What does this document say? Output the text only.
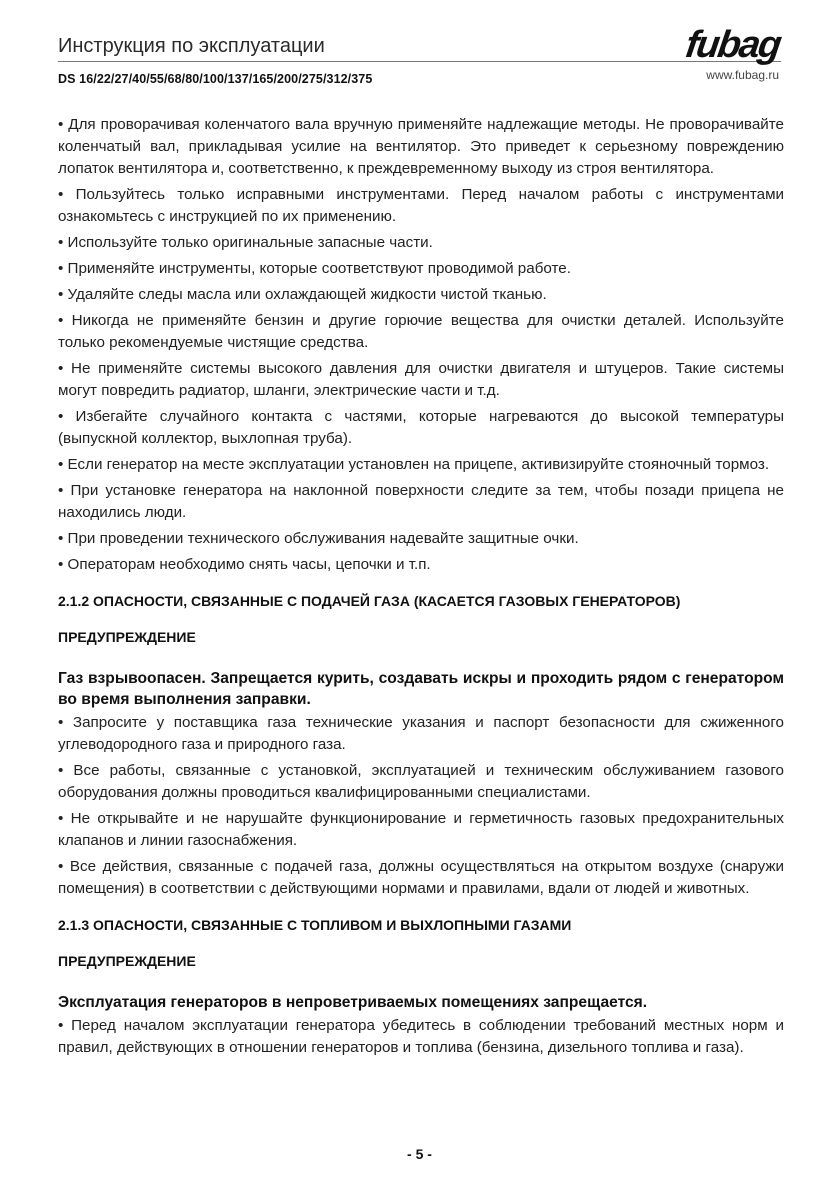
Инструкция по эксплуатации
DS 16/22/27/40/55/68/80/100/137/165/200/275/312/375
fubag
www.fubag.ru

• Для проворачивая коленчатого вала вручную применяйте надлежащие методы. Не проворачивайте коленчатый вал, прикладывая усилие на вентилятор. Это приведет к серьезному повреждению лопаток вентилятора и, соответственно, к преждевременному выходу из строя вентилятора.

• Пользуйтесь только исправными инструментами. Перед началом работы с инструментами ознакомьтесь с инструкцией по их применению.

• Используйте только оригинальные запасные части.

• Применяйте инструменты, которые соответствуют проводимой работе.

• Удаляйте следы масла или охлаждающей жидкости чистой тканью.

• Никогда не применяйте бензин и другие горючие вещества для очистки деталей. Используйте только рекомендуемые чистящие средства.

• Не применяйте системы высокого давления для очистки двигателя и штуцеров. Такие системы могут повредить радиатор, шланги, электрические части и т.д.

• Избегайте случайного контакта с частями, которые нагреваются до высокой температуры (выпускной коллектор, выхлопная труба).

• Если генератор на месте эксплуатации установлен на прицепе, активизируйте стояночный тормоз.

• При установке генератора на наклонной поверхности следите за тем, чтобы позади прицепа не находились люди.

• При проведении технического обслуживания надевайте защитные очки.

• Операторам необходимо снять часы, цепочки и т.п.

2.1.2 ОПАСНОСТИ, СВЯЗАННЫЕ С ПОДАЧЕЙ ГАЗА (КАСАЕТСЯ ГАЗОВЫХ ГЕНЕРАТОРОВ)

ПРЕДУПРЕЖДЕНИЕ

Газ взрывоопасен. Запрещается курить, создавать искры и проходить рядом с генератором во время выполнения заправки.

• Запросите у поставщика газа технические указания и паспорт безопасности для сжиженного углеводородного газа и природного газа.

• Все работы, связанные с установкой, эксплуатацией и техническим обслуживанием газового оборудования должны проводиться квалифицированными специалистами.

• Не открывайте и не нарушайте функционирование и герметичность газовых предохранительных клапанов и линии газоснабжения.

• Все действия, связанные с подачей газа, должны осуществляться на открытом воздухе (снаружи помещения) в соответствии с действующими нормами и правилами, вдали от людей и животных.

2.1.3 ОПАСНОСТИ, СВЯЗАННЫЕ С ТОПЛИВОМ И ВЫХЛОПНЫМИ ГАЗАМИ

ПРЕДУПРЕЖДЕНИЕ

Эксплуатация генераторов в непроветриваемых помещениях запрещается.

• Перед началом эксплуатации генератора убедитесь в соблюдении требований местных норм и правил, действующих в отношении генераторов и топлива (бензина, дизельного топлива и газа).

- 5 -
